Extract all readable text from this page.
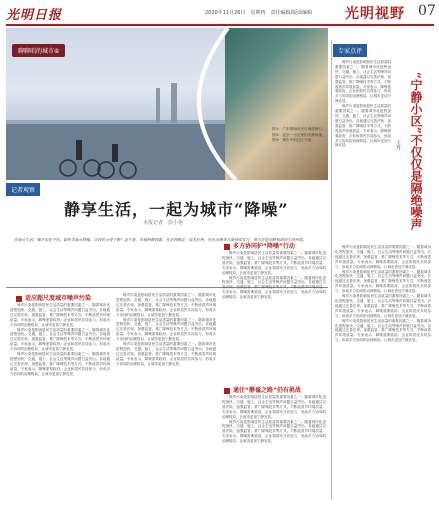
光明日报	2020年11月26日　星期四　责任编辑/版面编辑 光明视野 07
聊聊咱的城市⑥
图①：广东珠海市民在海滨骑行。　图②：北京一小区里的安静角落，图③：城市中的社区书屋。
专家点评
“宁静小区”不仅仅是隔绝噪声
王丹

噪声污染是影响居民生活质量的重要因素之一。随着城市化进程加快，交通、施工、社会生活等噪声问题日益突出。各地通过完善法规、加强监管、推广降噪技术等方式，不断改善声环境质量。专家表示，降噪需要政府、企业和居民共同参与，形成多方协同的治理格局，让城市更加宁静宜居。

噪声污染是影响居民生活质量的重要因素之一。随着城市化进程加快，交通、施工、社会生活等噪声问题日益突出。各地通过完善法规、加强监管、推广降噪技术等方式，不断改善声环境质量。专家表示，降噪需要政府、企业和居民共同参与，形成多方协同的治理格局，让城市更加宁静宜居。

噪声污染是影响居民生活质量的重要因素之一。随着城市化进程加快，交通、施工、社会生活等噪声问题日益突出。各地通过完善法规、加强监管、推广降噪技术等方式，不断改善声环境质量。专家表示，降噪需要政府、企业和居民共同参与，形成多方协同的治理格局，让城市更加宁静宜居。

噪声污染是影响居民生活质量的重要因素之一。随着城市化进程加快，交通、施工、社会生活等噪声问题日益突出。各地通过完善法规、加强监管、推广降噪技术等方式，不断改善声环境质量。专家表示，降噪需要政府、企业和居民共同参与，形成多方协同的治理格局，让城市更加宁静宜居。

噪声污染是影响居民生活质量的重要因素之一。随着城市化进程加快，交通、施工、社会生活等噪声问题日益突出。各地通过完善法规、加强监管、推广降噪技术等方式，不断改善声环境质量。专家表示，降噪需要政府、企业和居民共同参与，形成多方协同的治理格局，让城市更加宁静宜居。

噪声污染是影响居民生活质量的重要因素之一。随着城市化进程加快，交通、施工、社会生活等噪声问题日益突出。各地通过完善法规、加强监管、推广降噪技术等方式，不断改善声环境质量。专家表示，降噪需要政府、企业和居民共同参与，形成多方协同的治理格局，让城市更加宁静宜居。

记者观察
静享生活，一起为城市“降噪”
本报记者　彭小艳
在城市生活，噪声无处不在。如何为城市降噪，让居民享受宁静？近年来，各地积极探索，在法规制定、技术应用、社区治理等方面持续发力，努力营造安静和谐的生活环境。
适应超尺度城市噪声污染

噪声污染是影响居民生活质量的重要因素之一。随着城市化进程加快，交通、施工、社会生活等噪声问题日益突出。各地通过完善法规、加强监管、推广降噪技术等方式，不断改善声环境质量。专家表示，降噪需要政府、企业和居民共同参与，形成多方协同的治理格局，让城市更加宁静宜居。

噪声污染是影响居民生活质量的重要因素之一。随着城市化进程加快，交通、施工、社会生活等噪声问题日益突出。各地通过完善法规、加强监管、推广降噪技术等方式，不断改善声环境质量。专家表示，降噪需要政府、企业和居民共同参与，形成多方协同的治理格局，让城市更加宁静宜居。

噪声污染是影响居民生活质量的重要因素之一。随着城市化进程加快，交通、施工、社会生活等噪声问题日益突出。各地通过完善法规、加强监管、推广降噪技术等方式，不断改善声环境质量。专家表示，降噪需要政府、企业和居民共同参与，形成多方协同的治理格局，让城市更加宁静宜居。

噪声污染是影响居民生活质量的重要因素之一。随着城市化进程加快，交通、施工、社会生活等噪声问题日益突出。各地通过完善法规、加强监管、推广降噪技术等方式，不断改善声环境质量。专家表示，降噪需要政府、企业和居民共同参与，形成多方协同的治理格局，让城市更加宁静宜居。

噪声污染是影响居民生活质量的重要因素之一。随着城市化进程加快，交通、施工、社会生活等噪声问题日益突出。各地通过完善法规、加强监管、推广降噪技术等方式，不断改善声环境质量。专家表示，降噪需要政府、企业和居民共同参与，形成多方协同的治理格局，让城市更加宁静宜居。

噪声污染是影响居民生活质量的重要因素之一。随着城市化进程加快，交通、施工、社会生活等噪声问题日益突出。各地通过完善法规、加强监管、推广降噪技术等方式，不断改善声环境质量。专家表示，降噪需要政府、企业和居民共同参与，形成多方协同的治理格局，让城市更加宁静宜居。

多方协同护“降噪”行动

噪声污染是影响居民生活质量的重要因素之一。随着城市化进程加快，交通、施工、社会生活等噪声问题日益突出。各地通过完善法规、加强监管、推广降噪技术等方式，不断改善声环境质量。专家表示，降噪需要政府、企业和居民共同参与，形成多方协同的治理格局，让城市更加宁静宜居。

噪声污染是影响居民生活质量的重要因素之一。随着城市化进程加快，交通、施工、社会生活等噪声问题日益突出。各地通过完善法规、加强监管、推广降噪技术等方式，不断改善声环境质量。专家表示，降噪需要政府、企业和居民共同参与，形成多方协同的治理格局，让城市更加宁静宜居。

通往“静谧之路”仍有挑战

噪声污染是影响居民生活质量的重要因素之一。随着城市化进程加快，交通、施工、社会生活等噪声问题日益突出。各地通过完善法规、加强监管、推广降噪技术等方式，不断改善声环境质量。专家表示，降噪需要政府、企业和居民共同参与，形成多方协同的治理格局，让城市更加宁静宜居。

噪声污染是影响居民生活质量的重要因素之一。随着城市化进程加快，交通、施工、社会生活等噪声问题日益突出。各地通过完善法规、加强监管、推广降噪技术等方式，不断改善声环境质量。专家表示，降噪需要政府、企业和居民共同参与，形成多方协同的治理格局，让城市更加宁静宜居。
